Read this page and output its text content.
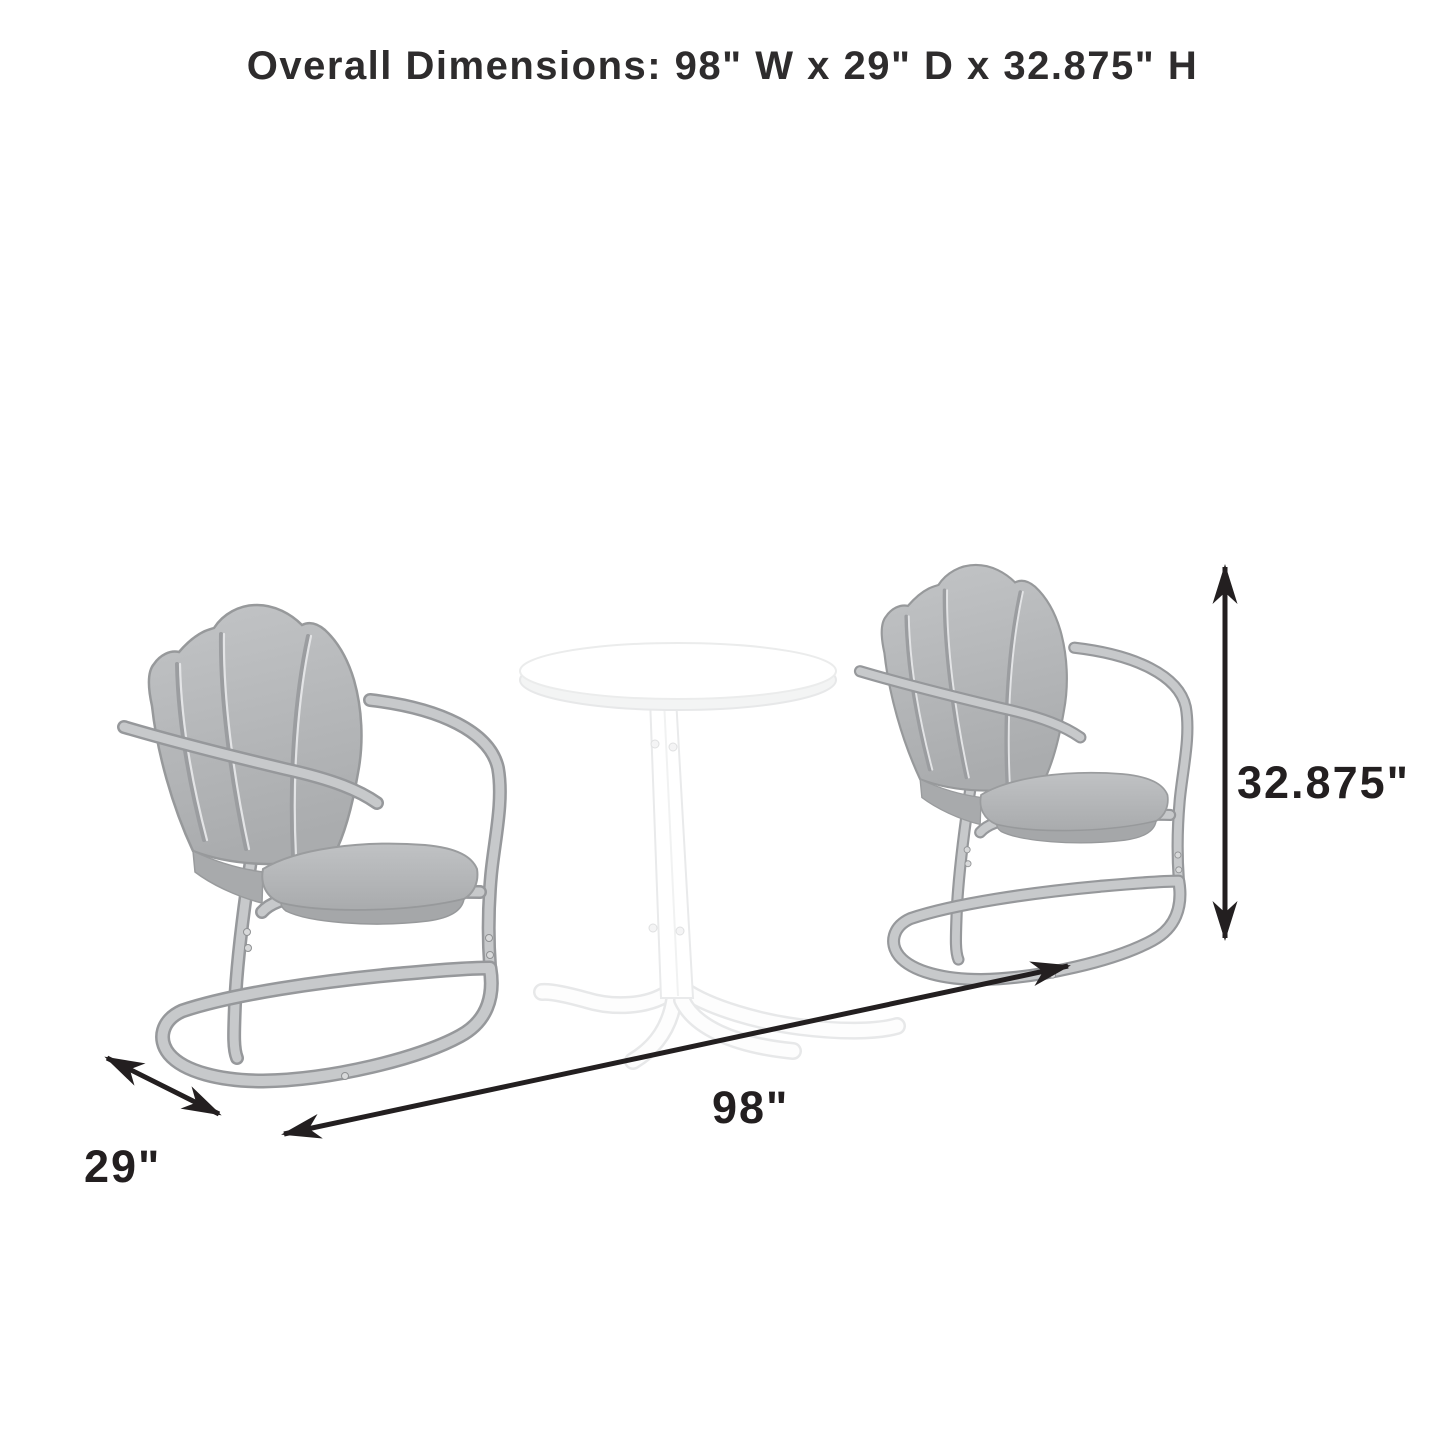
Overall Dimensions: 98" W x 29" D x 32.875" H
32.875"
98"
29"
